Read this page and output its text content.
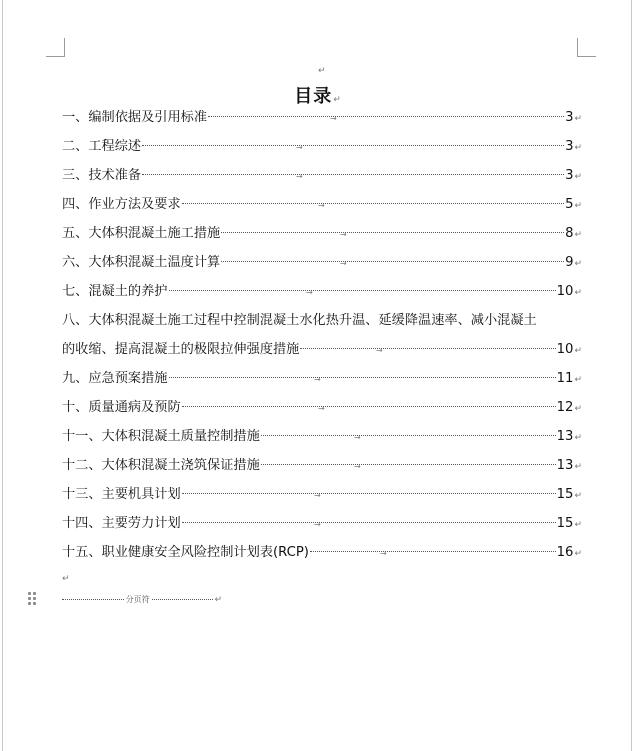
↵
目录↵
一、编制依据及引用标准	3 ↵
→
二、工程综述	3 ↵
→
三、技术准备	3 ↵
→
四、作业方法及要求	5 ↵
→
五、大体积混凝土施工措施	8 ↵
→
六、大体积混凝土温度计算	9 ↵
→
七、混凝土的养护	10 ↵
→
八、大体积混凝土施工过程中控制混凝土水化热升温、延缓降温速率、减小混凝土
的收缩、提高混凝土的极限拉伸强度措施	10 ↵
→
九、应急预案措施	11 ↵
→
十、质量通病及预防	12 ↵
→
十一、大体积混凝土质量控制措施	13 ↵
→
十二、大体积混凝土浇筑保证措施	13 ↵
→
十三、主要机具计划	15 ↵
→
十四、主要劳力计划	15 ↵
→
十五、职业健康安全风险控制计划表(RCP)	16 ↵
→
↵
分页符	↵
